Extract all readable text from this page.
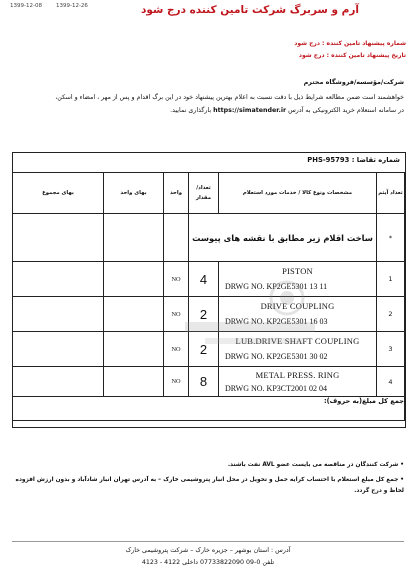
1399-12-08	1399-12-26	آرم و سربرگ شرکت تامین کننده درج شود
شماره پیشنهاد تامین کننده : درج شود
تاریخ پیشنهاد تامین کننده : درج شود
شرکت/مؤسسه/فروشگاه محترم
خواهشمند است ضمن مطالعه شرایط ذیل با دقت نسبت به اعلام بهترین پیشنهاد خود در این برگ اقدام و پس از مهر ، امضاء و اسکن،
در سامانه استعلام خرید الکترونیکی به آدرس https://simatender.ir بارگذاری نمایید.
شماره تقاضا : PHS-95793
بهای مجموع	بهای واحد	واحد	تعداد/ مقدار	مشخصات ونوع کالا / خدمات مورد استعلام	تعداد آیتم
			ساخت اقلام زیر مطابق با نقشه های پیوست		*
		NO	4	PISTON
DRWG NO. KP2GE5301 13 11	1
		NO	2	DRIVE COUPLING
DRWG NO. KP2GE5301 16 03	2
		NO	2	LUB.DRIVE SHAFT COUPLING
DRWG NO. KP2GE5301 30 02	3
		NO	8	METAL PRESS. RING
DRWG NO. KP3CT2001 02 04	4
جمع کل مبلغ(به حروف):					
• شرکت کنندگان در مناقصه می بایست عضو AVL نفت باشند.
• جمع کل مبلغ استعلام با احتساب کرایه حمل و تحویل در محل انبار پتروشیمی خارک – به آدرس تهران انبار شادآباد و بدون ارزش افزوده لحاظ و درج گردد.
آدرس : استان بوشهر – جزیره خارک – شرکت پتروشیمی خارک
تلفن 0-09 07733822090 داخلی 4122 - 4123
